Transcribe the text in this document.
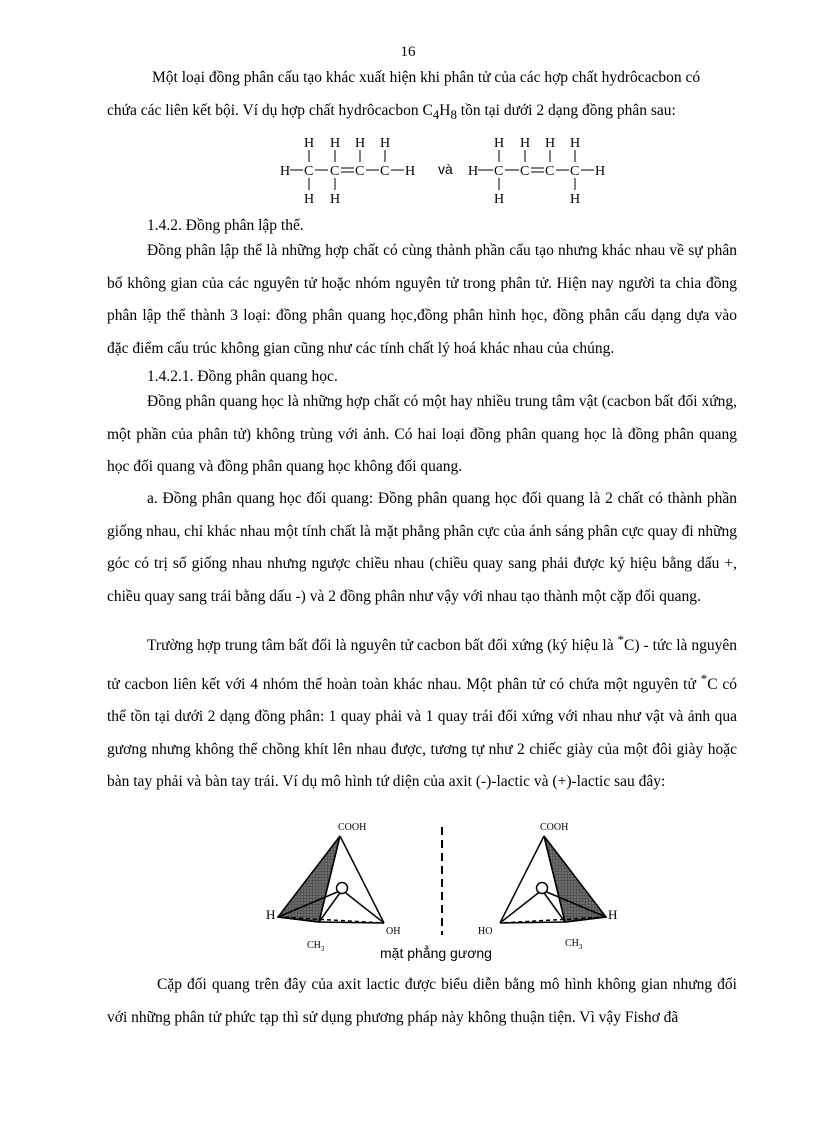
16

Một loại đồng phân cấu tạo khác xuất hiện khi phân tử của các hợp chất hydrôcacbon có

chứa các liên kết bội. Ví dụ hợp chất hydrôcacbon $C_4H_8$ tồn tại dưới 2 dạng đồng phân sau:

H H H H
H C C C C H
H H
và
H H H H
H C C C C H
H	H
1.4.2. Đồng phân lập thể.

Đồng phân lập thể là những hợp chất có cùng thành phần cấu tạo nhưng khác nhau về sự phân bố không gian của các nguyên tử hoặc nhóm nguyên tử trong phân tử. Hiện nay người ta chia đồng phân lập thể thành 3 loại: đồng phân quang học,đồng phân hình học, đồng phân cấu dạng dựa vào đặc điểm cấu trúc không gian cũng như các tính chất lý hoá khác nhau của chúng.

1.4.2.1. Đồng phân quang học.

Đồng phân quang học là những hợp chất có một hay nhiều trung tâm vật (cacbon bất đối xứng, một phần của phân tử) không trùng với ảnh. Có hai loại đồng phân quang học là đồng phân quang học đối quang và đồng phân quang học không đối quang.

a. Đồng phân quang học đối quang: Đồng phân quang học đối quang là 2 chất có thành phần giống nhau, chỉ khác nhau một tính chất là mặt phẳng phân cực của ánh sáng phân cực quay đi những góc có trị số giống nhau nhưng ngược chiều nhau (chiều quay sang phải được ký hiệu bằng dấu +, chiều quay sang trái bằng dấu -) và 2 đồng phân như vậy với nhau tạo thành một cặp đối quang.

Trường hợp trung tâm bất đối là nguyên tử cacbon bất đối xứng (ký hiệu là *C) - tức là nguyên tử cacbon liên kết với 4 nhóm thế hoàn toàn khác nhau. Một phân tử có chứa một nguyên tử *C có thể tồn tại dưới 2 dạng đồng phân: 1 quay phải và 1 quay trái đối xứng với nhau như vật và ảnh qua gương nhưng không thể chồng khít lên nhau được, tương tự như 2 chiếc giày của một đôi giày hoặc bàn tay phải và bàn tay trái. Ví dụ mô hình tứ diện của axit (-)-lactic và (+)-lactic sau đây:

COOH
H
OH
$CH_3$
COOH
H
HO
$CH_3$
mặt phẳng gương

Cặp đối quang trên đây của axit lactic được biểu diễn bằng mô hình không gian nhưng đối với những phân tử phức tạp thì sử dụng phương pháp này không thuận tiện. Vì vậy Fishơ đã
